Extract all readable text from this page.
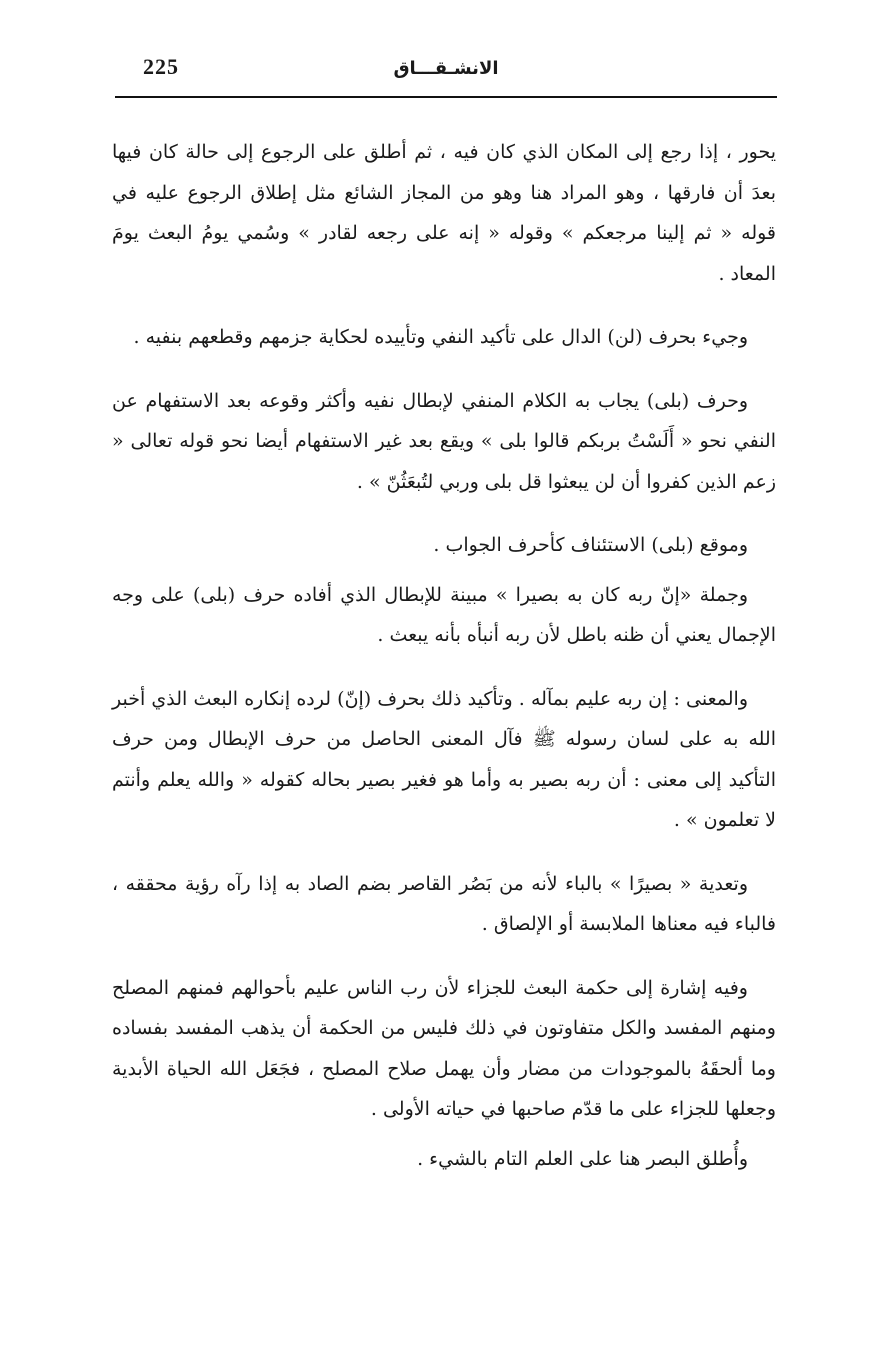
225	الانشـقـــاق

يحور ، إذا رجع إلى المكان الذي كان فيه ، ثم أطلق على الرجوع إلى حالة كان فيها بعدَ أن فارقها ، وهو المراد هنا وهو من المجاز الشائع مثل إطلاق الرجوع عليه في قوله « ثم إلينا مرجعكم » وقوله « إنه على رجعه لقادر » وسُمي يومُ البعث يومَ المعاد .

وجيء بحرف (لن) الدال على تأكيد النفي وتأييده لحكاية جزمهم وقطعهم بنفيه .

وحرف (بلى) يجاب به الكلام المنفي لإبطال نفيه وأكثر وقوعه بعد الاستفهام عن النفي نحو « أَلَسْتُ بربكم قالوا بلى » ويقع بعد غير الاستفهام أيضا نحو قوله تعالى « زعم الذين كفروا أن لن يبعثوا قل بلى وربي لتُبعَثُنّ » .

وموقع (بلى) الاستئناف كأحرف الجواب .

وجملة «إنّ ربه كان به بصيرا » مبينة للإبطال الذي أفاده حرف (بلى) على وجه الإجمال يعني أن ظنه باطل لأن ربه أنبأه بأنه يبعث .

والمعنى : إن ربه عليم بمآله . وتأكيد ذلك بحرف (إنّ) لرده إنكاره البعث الذي أخبر الله به على لسان رسوله ﷺ فآل المعنى الحاصل من حرف الإبطال ومن حرف التأكيد إلى معنى : أن ربه بصير به وأما هو فغير بصير بحاله كقوله « والله يعلم وأنتم لا تعلمون » .

وتعدية « بصيرًا » بالباء لأنه من بَصُر القاصر بضم الصاد به إذا رآه رؤية محققه ، فالباء فيه معناها الملابسة أو الإلصاق .

وفيه إشارة إلى حكمة البعث للجزاء لأن رب الناس عليم بأحوالهم فمنهم المصلح ومنهم المفسد والكل متفاوتون في ذلك فليس من الحكمة أن يذهب المفسد بفساده وما ألحقَهُ بالموجودات من مضار وأن يهمل صلاح المصلح ، فجَعَل الله الحياة الأبدية وجعلها للجزاء على ما قدّم صاحبها في حياته الأولى .

وأُطلق البصر هنا على العلم التام بالشيء .
